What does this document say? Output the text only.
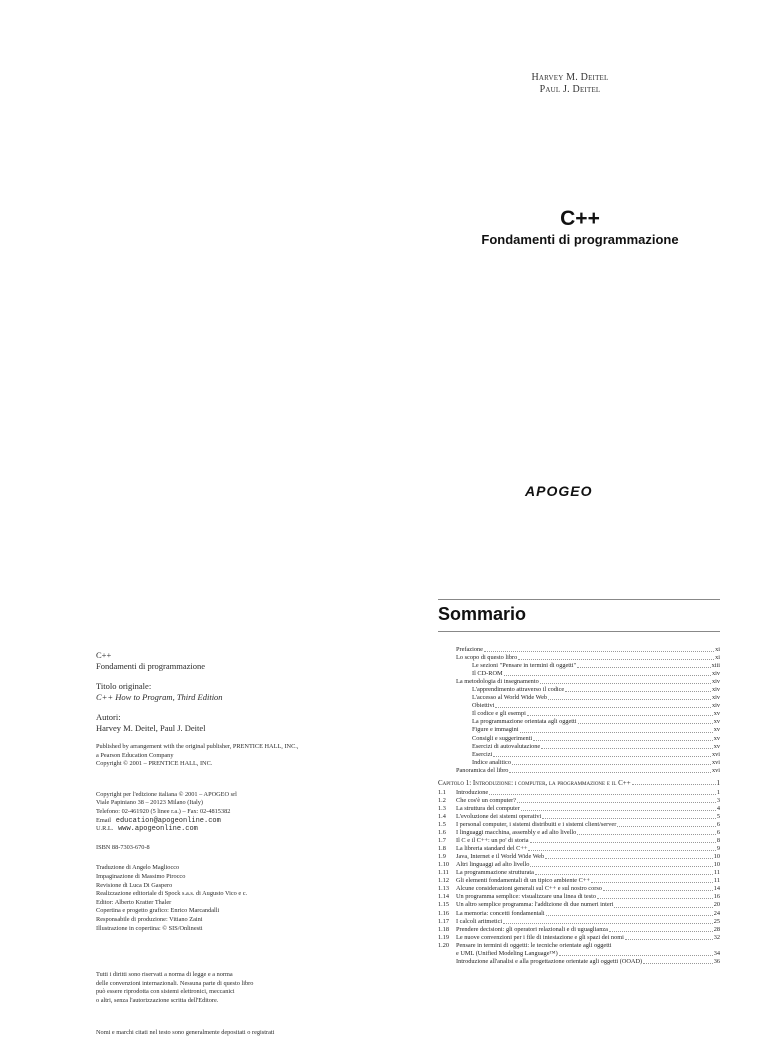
Harvey M. Deitel
Paul J. Deitel
C++
Fondamenti di programmazione
APOGEO
Sommario
Prefazione	xi
Lo scopo di questo libro	xi
Le sezioni "Pensare in termini di oggetti"	xiii
Il CD-ROM	xiv
La metodologia di insegnamento	xiv
L'apprendimento attraverso il codice	xiv
L'accesso al World Wide Web	xiv
Obiettivi	xiv
Il codice e gli esempi	xv
La programmazione orientata agli oggetti	xv
Figure e immagini	xv
Consigli e suggerimenti	xv
Esercizi di autovalutazione	xv
Esercizi	xvi
Indice analitico	xvi
Panoramica del libro	xvi
Capitolo 1: Introduzione: i computer, la programmazione e il C++	1
1.1	Introduzione	1
1.2	Che cos'è un computer?	3
1.3	La struttura del computer	4
1.4	L'evoluzione dei sistemi operativi	5
1.5	I personal computer, i sistemi distribuiti e i sistemi client/server	6
1.6	I linguaggi macchina, assembly e ad alto livello	6
1.7	Il C e il C++: un po' di storia	8
1.8	La libreria standard del C++	9
1.9	Java, Internet e il World Wide Web	10
1.10	Altri linguaggi ad alto livello	10
1.11	La programmazione strutturata	11
1.12	Gli elementi fondamentali di un tipico ambiente C++	11
1.13	Alcune considerazioni generali sul C++ e sul nostro corso	14
1.14	Un programma semplice: visualizzare una linea di testo	16
1.15	Un altro semplice programma: l'addizione di due numeri interi	20
1.16	La memoria: concetti fondamentali	24
1.17	I calcoli aritmetici	25
1.18	Prendere decisioni: gli operatori relazionali e di uguaglianza	28
1.19	Le nuove convenzioni per i file di intestazione e gli spazi dei nomi	32
1.20	Pensare in termini di oggetti: le tecniche orientate agli oggetti
e UML (Unified Modeling Language™)	34
Introduzione all'analisi e alla progettazione orientate agli oggetti (OOAD)	36

C++

Fondamenti di programmazione

Titolo originale:

C++ How to Program, Third Edition

Autori:

Harvey M. Deitel, Paul J. Deitel

Published by arrangement with the original publisher, PRENTICE HALL, INC.,

a Pearson Education Company

Copyright © 2001 – PRENTICE HALL, INC.

Copyright per l'edizione italiana © 2001 – APOGEO srl

Viale Papiniano 38 – 20123 Milano (Italy)

Telefono: 02-461920 (5 linee r.a.) – Fax: 02-4815382

Email education@apogeonline.com

U.R.L. www.apogeonline.com

ISBN 88-7303-670-8

Traduzione di Angelo Magliocco

Impaginazione di Massimo Pirocco

Revisione di Luca Di Gaspero

Realizzazione editoriale di Spock s.a.s. di Augusto Vico e c.

Editor: Alberto Kratter Thaler

Copertina e progetto grafico: Enrico Marcandalli

Responsabile di produzione: Vitiano Zaini

Illustrazione in copertina: © SIS/Onlinesti

Tutti i diritti sono riservati a norma di legge e a norma

delle convenzioni internazionali. Nessuna parte di questo libro

può essere riprodotta con sistemi elettronici, meccanici

o altri, senza l'autorizzazione scritta dell'Editore.

Nomi e marchi citati nel testo sono generalmente depositati o registrati
